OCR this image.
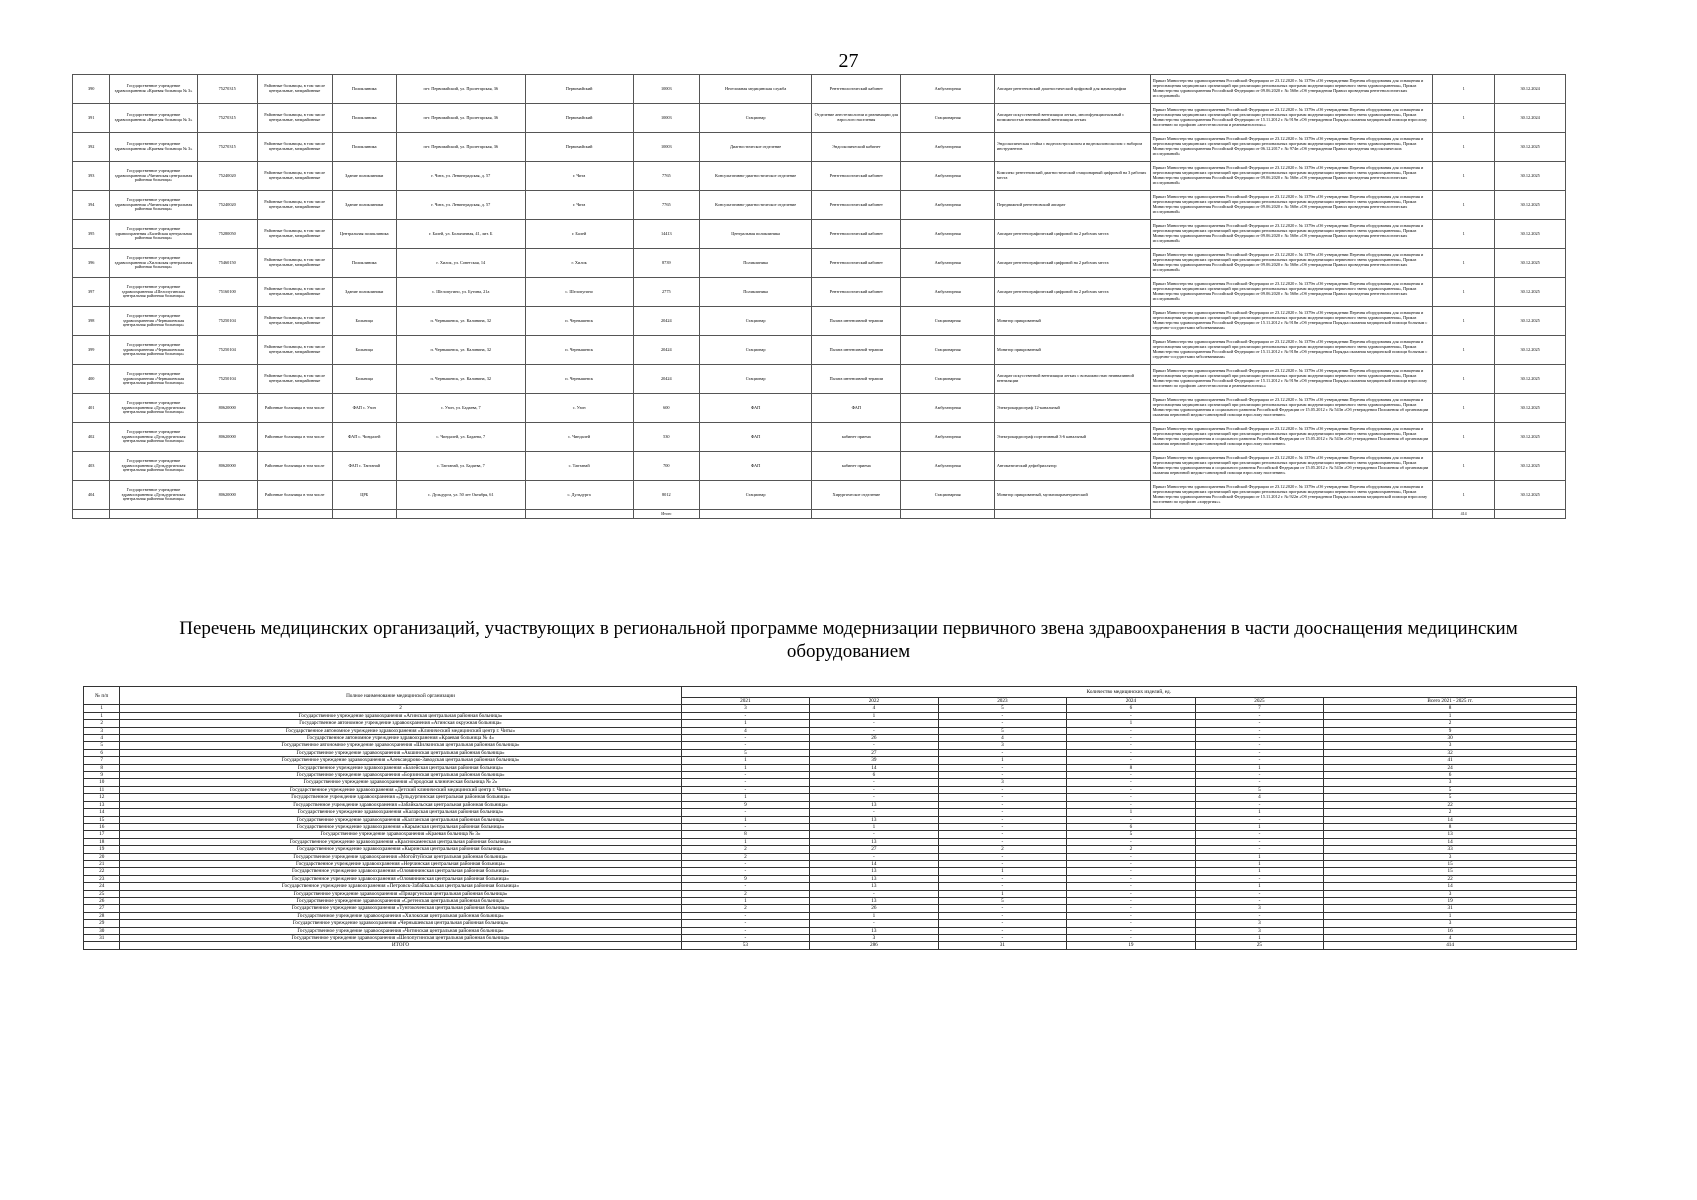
27
390	Государственное учреждение здравоохранения «Краевая больница № 3»	75270315	Районные больницы, в том числе центральные, межрайонные	Поликлиника	пгт. Первомайский, ул. Пролетарская, 36	Первомайский	10003	Неотложная медицинская служба	Рентгенологический кабинет	Амбулаторная	Аппарат рентгеновский диагностический цифровой для маммографии	Приказ Министерства здравоохранения Российской Федерации от 23.12.2020 г. № 1379н «Об утверждении Перечня оборудования для оснащения и переоснащения медицинских организаций при реализации региональных программ модернизации первичного звена здравоохранения», Приказ Министерства здравоохранения Российской Федерации от 09.06.2020 г. № 560н «Об утверждении Правил проведения рентгенологических исследований»	1	30.12.2024
391	Государственное учреждение здравоохранения «Краевая больница № 3»	75270315	Районные больницы, в том числе центральные, межрайонные	Поликлиника	пгт. Первомайский, ул. Пролетарская, 36	Первомайский	10003	Стационар	Отделение анестезиологии и реанимации для взрослого населения	Стационарная	Аппарат искусственной вентиляции легких, многофункциональный с возможностью неинвазивной вентиляции легких	Приказ Министерства здравоохранения Российской Федерации от 23.12.2020 г. № 1379н «Об утверждении Перечня оборудования для оснащения и переоснащения медицинских организаций при реализации региональных программ модернизации первичного звена здравоохранения», Приказ Министерства здравоохранения Российской Федерации от 15.11.2012 г. № 919н «Об утверждении Порядка оказания медицинской помощи взрослому населению по профилю «анестезиология и реаниматология»»	1	30.12.2024
392	Государственное учреждение здравоохранения «Краевая больница № 3»	75270315	Районные больницы, в том числе центральные, межрайонные	Поликлиника	пгт. Первомайский, ул. Пролетарская, 36	Первомайский	10003	Диагностическое отделение	Эндоскопический кабинет	Амбулаторная	Эндоскопическая стойка с видеогастроскопом и видеоколоноскопом с набором инструментов	Приказ Министерства здравоохранения Российской Федерации от 23.12.2020 г. № 1379н «Об утверждении Перечня оборудования для оснащения и переоснащения медицинских организаций при реализации региональных программ модернизации первичного звена здравоохранения», Приказ Министерства здравоохранения Российской Федерации от 06.12.2017 г. № 974н «Об утверждении Правил проведения эндоскопических исследований»	1	30.12.2025
393	Государственное учреждение здравоохранения «Читинская центральная районная больница»	75240020	Районные больницы, в том числе центральные, межрайонные	Здание поликлиники	г. Чита, ул. Ленинградская, д. 57	г. Чита	7765	Консультативно-диагностическое отделение	Рентгенологический кабинет	Амбулаторная	Комплекс рентгеновский диагностический стационарный цифровой на 3 рабочих места	Приказ Министерства здравоохранения Российской Федерации от 23.12.2020 г. № 1379н «Об утверждении Перечня оборудования для оснащения и переоснащения медицинских организаций при реализации региональных программ модернизации первичного звена здравоохранения», Приказ Министерства здравоохранения Российской Федерации от 09.06.2020 г. № 560н «Об утверждении Правил проведения рентгенологических исследований»	1	30.12.2025
394	Государственное учреждение здравоохранения «Читинская центральная районная больница»	75240020	Районные больницы, в том числе центральные, межрайонные	Здание поликлиники	г. Чита, ул. Ленинградская, д. 57	г. Чита	7765	Консультативно-диагностическое отделение	Рентгенологический кабинет	Амбулаторная	Передвижной рентгеновский аппарат	Приказ Министерства здравоохранения Российской Федерации от 23.12.2020 г. № 1379н «Об утверждении Перечня оборудования для оснащения и переоснащения медицинских организаций при реализации региональных программ модернизации первичного звена здравоохранения», Приказ Министерства здравоохранения Российской Федерации от 09.06.2020 г. № 560н «Об утверждении Правил проведения рентгенологических исследований»	1	30.12.2025
395	Государственное учреждение здравоохранения «Балейская центральная районная больница»	75280050	Районные больницы, в том числе центральные, межрайонные	Центральная поликлиника	г. Балей, ул. Больничная, 41, лит. Б	г. Балей	14413	Центральная поликлиника	Рентгенологический кабинет	Амбулаторная	Аппарат рентгенографический цифровой на 2 рабочих места	Приказ Министерства здравоохранения Российской Федерации от 23.12.2020 г. № 1379н «Об утверждении Перечня оборудования для оснащения и переоснащения медицинских организаций при реализации региональных программ модернизации первичного звена здравоохранения», Приказ Министерства здравоохранения Российской Федерации от 09.06.2020 г. № 560н «Об утверждении Правил проведения рентгенологических исследований»	1	30.12.2025
396	Государственное учреждение здравоохранения «Хилокская центральная районная больница»	75460150	Районные больницы, в том числе центральные, межрайонные	Поликлиника	г. Хилок, ул. Советская, 14	г. Хилок	8739	Поликлиника	Рентгенологический кабинет	Амбулаторная	Аппарат рентгенографический цифровой на 2 рабочих места	Приказ Министерства здравоохранения Российской Федерации от 23.12.2020 г. № 1379н «Об утверждении Перечня оборудования для оснащения и переоснащения медицинских организаций при реализации региональных программ модернизации первичного звена здравоохранения», Приказ Министерства здравоохранения Российской Федерации от 09.06.2020 г. № 560н «Об утверждении Правил проведения рентгенологических исследований»	1	30.12.2025
397	Государственное учреждение здравоохранения «Шелопугинская центральная районная больница»	75160100	Районные больницы, в том числе центральные, межрайонные	Здание поликлиники	с. Шелопугино, ул. Бутина, 21а	с. Шелопугино	2775	Поликлиника	Рентгенологический кабинет	Амбулаторная	Аппарат рентгенографический цифровой на 2 рабочих места	Приказ Министерства здравоохранения Российской Федерации от 23.12.2020 г. № 1379н «Об утверждении Перечня оборудования для оснащения и переоснащения медицинских организаций при реализации региональных программ модернизации первичного звена здравоохранения», Приказ Министерства здравоохранения Российской Федерации от 09.06.2020 г. № 560н «Об утверждении Правил проведения рентгенологических исследований»	1	30.12.2025
398	Государственное учреждение здравоохранения «Чернышевская центральная районная больница»	75250104	Районные больницы, в том числе центральные, межрайонные	Больница	п. Чернышевск, ул. Калинина, 32	п. Чернышевск	20424	Стационар	Палата интенсивной терапии	Стационарная	Монитор прикроватный	Приказ Министерства здравоохранения Российской Федерации от 23.12.2020 г. № 1379н «Об утверждении Перечня оборудования для оснащения и переоснащения медицинских организаций при реализации региональных программ модернизации первичного звена здравоохранения», Приказ Министерства здравоохранения Российской Федерации от 15.11.2012 г. № 918н «Об утверждении Порядка оказания медицинской помощи больным с сердечно-сосудистыми заболеваниями»	1	30.12.2025
399	Государственное учреждение здравоохранения «Чернышевская центральная районная больница»	75250104	Районные больницы, в том числе центральные, межрайонные	Больница	п. Чернышевск, ул. Калинина, 32	п. Чернышевск	20424	Стационар	Палата интенсивной терапии	Стационарная	Монитор прикроватный	Приказ Министерства здравоохранения Российской Федерации от 23.12.2020 г. № 1379н «Об утверждении Перечня оборудования для оснащения и переоснащения медицинских организаций при реализации региональных программ модернизации первичного звена здравоохранения», Приказ Министерства здравоохранения Российской Федерации от 15.11.2012 г. № 918н «Об утверждении Порядка оказания медицинской помощи больным с сердечно-сосудистыми заболеваниями»	1	30.12.2025
400	Государственное учреждение здравоохранения «Чернышевская центральная районная больница»	75250104	Районные больницы, в том числе центральные, межрайонные	Больница	п. Чернышевск, ул. Калинина, 32	п. Чернышевск	20424	Стационар	Палата интенсивной терапии	Стационарная	Аппарат искусственной вентиляции легких с возможностью неинвазивной вентиляции	Приказ Министерства здравоохранения Российской Федерации от 23.12.2020 г. № 1379н «Об утверждении Перечня оборудования для оснащения и переоснащения медицинских организаций при реализации региональных программ модернизации первичного звена здравоохранения», Приказ Министерства здравоохранения Российской Федерации от 15.11.2012 г. № 919н «Об утверждении Порядка оказания медицинской помощи взрослому населению по профилю «анестезиология и реаниматология»»	1	30.12.2025
401	Государственное учреждение здравоохранения «Дульдургинская центральная районная больница»	80620000	Районные больницы в том числе	ФАП с. Узон	с. Узон, ул. Бадаева, 7	с. Узон	600	ФАП	ФАП	Амбулаторная	Электрокардиограф 12-канальный	Приказ Министерства здравоохранения Российской Федерации от 23.12.2020 г. № 1379н «Об утверждении Перечня оборудования для оснащения и переоснащения медицинских организаций при реализации региональных программ модернизации первичного звена здравоохранения», Приказ Министерства здравоохранения и социального развития Российской Федерации от 15.05.2012 г. № 543н «Об утверждении Положения об организации оказания первичной медико-санитарной помощи взрослому населению»	1	30.12.2025
402	Государственное учреждение здравоохранения «Дульдургинская центральная районная больница»	80620000	Районные больницы в том числе	ФАП с. Чиндалей	с. Чиндалей, ул. Бадаева, 7	с. Чиндалей	530	ФАП	кабинет приема	Амбулаторная	Электрокардиограф портативный 3-6 канальный	Приказ Министерства здравоохранения Российской Федерации от 23.12.2020 г. № 1379н «Об утверждении Перечня оборудования для оснащения и переоснащения медицинских организаций при реализации региональных программ модернизации первичного звена здравоохранения», Приказ Министерства здравоохранения и социального развития Российской Федерации от 15.05.2012 г. № 543н «Об утверждении Положения об организации оказания первичной медико-санитарной помощи взрослому населению»	1	30.12.2025
403	Государственное учреждение здравоохранения «Дульдургинская центральная районная больница»	80620000	Районные больницы в том числе	ФАП с. Таптанай	с. Таптанай, ул. Бадаева, 7	с. Таптанай	700	ФАП	кабинет приема	Амбулаторная	Автоматический дефибриллятор	Приказ Министерства здравоохранения Российской Федерации от 23.12.2020 г. № 1379н «Об утверждении Перечня оборудования для оснащения и переоснащения медицинских организаций при реализации региональных программ модернизации первичного звена здравоохранения», Приказ Министерства здравоохранения и социального развития Российской Федерации от 15.05.2012 г. № 543н «Об утверждении Положения об организации оказания первичной медико-санитарной помощи взрослому населению»	1	30.12.2025
404	Государственное учреждение здравоохранения «Дульдургинская центральная районная больница»	80620000	Районные больницы в том числе	ЦРБ	с. Дульдурга, ул. 50 лет Октября, 61	с. Дульдурга	8012	Стационар	Хирургическое отделение	Стационарная	Монитор прикроватный, мультипараметрический	Приказ Министерства здравоохранения Российской Федерации от 23.12.2020 г. № 1379н «Об утверждении Перечня оборудования для оснащения и переоснащения медицинских организаций при реализации региональных программ модернизации первичного звена здравоохранения», Приказ Министерства здравоохранения Российской Федерации от 15.11.2012 г. № 922н «Об утверждении Порядка оказания медицинской помощи взрослому населению по профилю «хирургия»»	1	30.12.2025
							Итого						414	
Перечень медицинских организаций, участвующих в региональной программе модернизации первичного звена здравоохранения в части дооснащения медицинским оборудованием
№ п/п	Полное наименование медицинской организации	Количество медицинских изделий, ед.					
		2021	2022	2023	2024	2025	Всего 2021 - 2025 гг.
1	2	3	4	5	6	7	8
1	Государственное учреждение здравоохранения «Агинская центральная районная больница»	-	1	-	-	-	1
2	Государственное автономное учреждение здравоохранения «Агинская окружная больница»	1	-	-	1	-	2
3	Государственное автономное учреждение здравоохранения «Клинический медицинский центр г. Читы»	4	-	5	-	-	9
4	Государственное автономное учреждение здравоохранения «Краевая больница № 4»	-	26	4	-	-	30
5	Государственное автономное учреждение здравоохранения «Шилкинская центральная районная больница»	-	-	3	-	-	3
6	Государственное учреждение здравоохранения «Акшинская центральная районная больница»	5	27	-	-	-	32
7	Государственное учреждение здравоохранения «Александрово-Заводская центральная районная больница»	1	39	1	-	-	41
8	Государственное учреждение здравоохранения «Балейская центральная районная больница»	1	14	-	8	1	24
9	Государственное учреждение здравоохранения «Борзинская центральная районная больница»	-	6	-	-	-	6
10	Государственное учреждение здравоохранения «Городская клиническая больница № 2»	-	-	3	-	-	3
11	Государственное учреждение здравоохранения «Детский клинический медицинский центр г. Читы»	-	-	-	-	5	5
12	Государственное учреждение здравоохранения «Дульдургинская центральная районная больница»	1	-	-	-	4	5
13	Государственное учреждение здравоохранения «Забайкальская центральная районная больница»	9	13	-	-	-	22
14	Государственное учреждение здравоохранения «Каларская центральная районная больница»	-	-	-	1	1	2
15	Государственное учреждение здравоохранения «Калганская центральная районная больница»	1	13	-	-	-	14
16	Государственное учреждение здравоохранения «Карымская центральная районная больница»	-	1	-	6	1	8
17	Государственное учреждение здравоохранения «Краевая больница № 3»	8	-	-	5	-	13
18	Государственное учреждение здравоохранения «Краснокаменская центральная районная больница»	1	13	-	-	-	14
19	Государственное учреждение здравоохранения «Кыринская центральная районная больница»	2	27	2	2	-	33
20	Государственное учреждение здравоохранения «Могойтуйская центральная районная больница»	2	-	-	-	1	3
21	Государственное учреждение здравоохранения «Нерчинская центральная районная больница»	-	14	-	-	1	15
22	Государственное учреждение здравоохранения «Оловяннинская центральная районная больница»	-	13	1	-	1	15
23	Государственное учреждение здравоохранения «Оловяннинская центральная районная больница»	9	13	-	-	-	22
24	Государственное учреждение здравоохранения «Петровск-Забайкальская центральная районная больница»	-	13	-	-	1	14
25	Государственное учреждение здравоохранения «Приаргунская центральная районная больница»	2	-	1	-	-	3
26	Государственное учреждение здравоохранения «Сретенская центральная районная больница»	1	13	5	-	-	19
27	Государственное учреждение здравоохранения «Тунгокоченская центральная районная больница»	2	26	-	-	3	31
28	Государственное учреждение здравоохранения «Хилокская центральная районная больница»	-	1	-	-	-	1
29	Государственное учреждение здравоохранения «Чернышевская центральная районная больница»	-	-	-	-	3	3
30	Государственное учреждение здравоохранения «Читинская центральная районная больница»	-	13	-	-	3	16
31	Государственное учреждение здравоохранения «Шелопугинская центральная районная больница»	-	3	-	-	1	4
	ИТОГО	53	286	31	19	25	414
